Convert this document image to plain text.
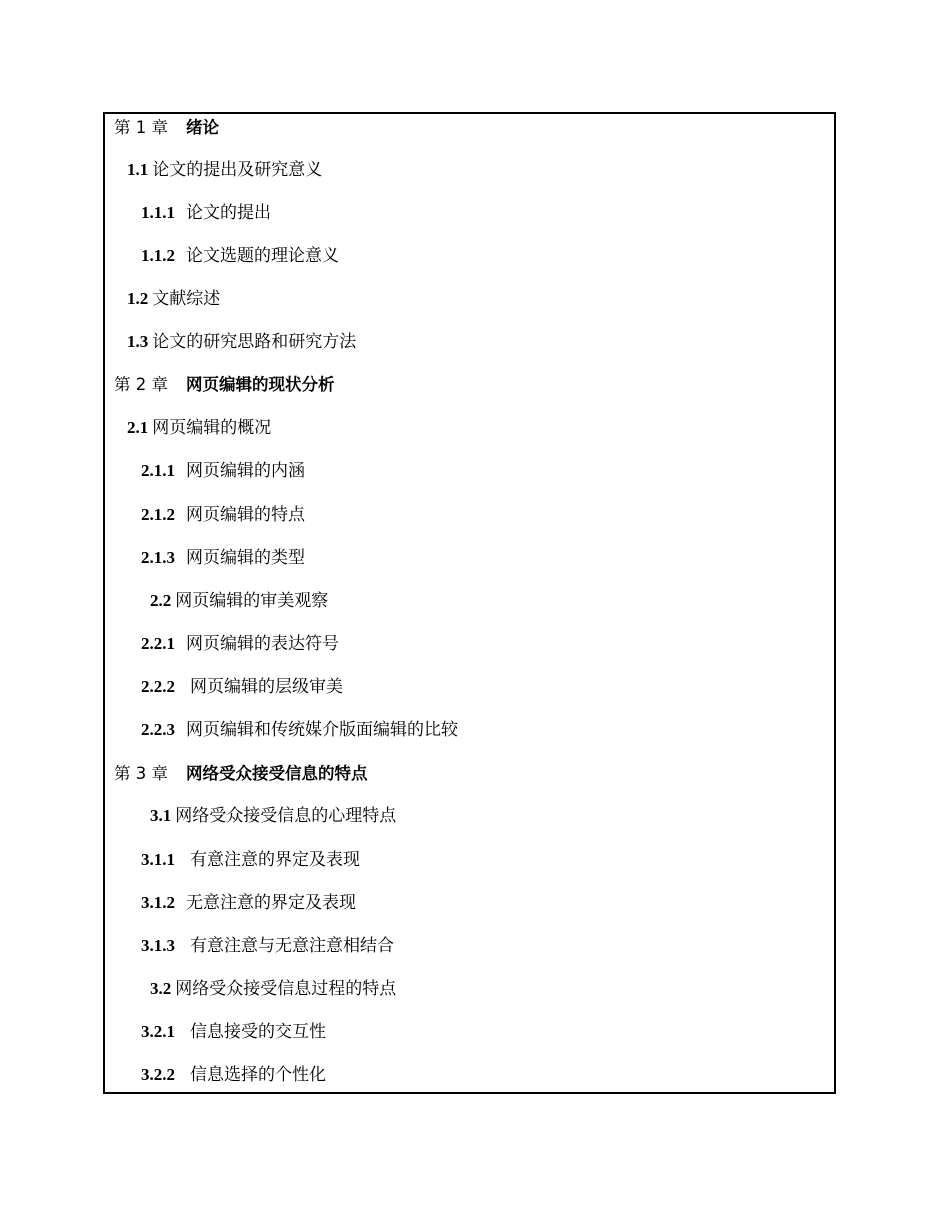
第 1 章 绪论
1.1 论文的提出及研究意义
1.1.1 论文的提出
1.1.2 论文选题的理论意义
1.2 文献综述
1.3 论文的研究思路和研究方法
第 2 章 网页编辑的现状分析
2.1 网页编辑的概况
2.1.1 网页编辑的内涵
2.1.2 网页编辑的特点
2.1.3 网页编辑的类型
2.2 网页编辑的审美观察
2.2.1 网页编辑的表达符号
2.2.2 网页编辑的层级审美
2.2.3 网页编辑和传统媒介版面编辑的比较
第 3 章 网络受众接受信息的特点
3.1 网络受众接受信息的心理特点
3.1.1 有意注意的界定及表现
3.1.2 无意注意的界定及表现
3.1.3 有意注意与无意注意相结合
3.2 网络受众接受信息过程的特点
3.2.1 信息接受的交互性
3.2.2 信息选择的个性化
